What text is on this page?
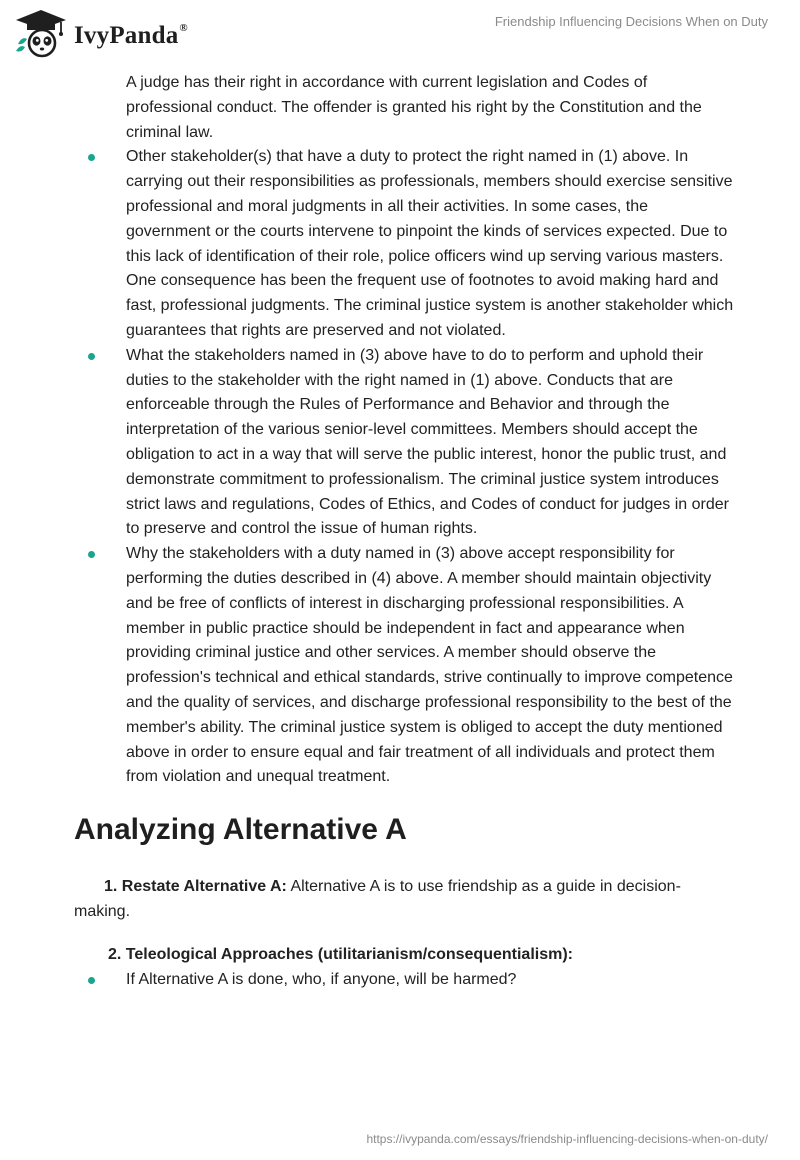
IvyPanda®	Friendship Influencing Decisions When on Duty

A judge has their right in accordance with current legislation and Codes of professional conduct. The offender is granted his right by the Constitution and the criminal law.

Other stakeholder(s) that have a duty to protect the right named in (1) above. In carrying out their responsibilities as professionals, members should exercise sensitive professional and moral judgments in all their activities. In some cases, the government or the courts intervene to pinpoint the kinds of services expected. Due to this lack of identification of their role, police officers wind up serving various masters. One consequence has been the frequent use of footnotes to avoid making hard and fast, professional judgments. The criminal justice system is another stakeholder which guarantees that rights are preserved and not violated.
What the stakeholders named in (3) above have to do to perform and uphold their duties to the stakeholder with the right named in (1) above. Conducts that are enforceable through the Rules of Performance and Behavior and through the interpretation of the various senior-level committees. Members should accept the obligation to act in a way that will serve the public interest, honor the public trust, and demonstrate commitment to professionalism. The criminal justice system introduces strict laws and regulations, Codes of Ethics, and Codes of conduct for judges in order to preserve and control the issue of human rights.
Why the stakeholders with a duty named in (3) above accept responsibility for performing the duties described in (4) above. A member should maintain objectivity and be free of conflicts of interest in discharging professional responsibilities. A member in public practice should be independent in fact and appearance when providing criminal justice and other services. A member should observe the profession's technical and ethical standards, strive continually to improve competence and the quality of services, and discharge professional responsibility to the best of the member's ability. The criminal justice system is obliged to accept the duty mentioned above in order to ensure equal and fair treatment of all individuals and protect them from violation and unequal treatment.
Analyzing Alternative A

1. Restate Alternative A: Alternative A is to use friendship as a guide in decision-making.

2. Teleological Approaches (utilitarianism/consequentialism):

If Alternative A is done, who, if anyone, will be harmed?
https://ivypanda.com/essays/friendship-influencing-decisions-when-on-duty/
